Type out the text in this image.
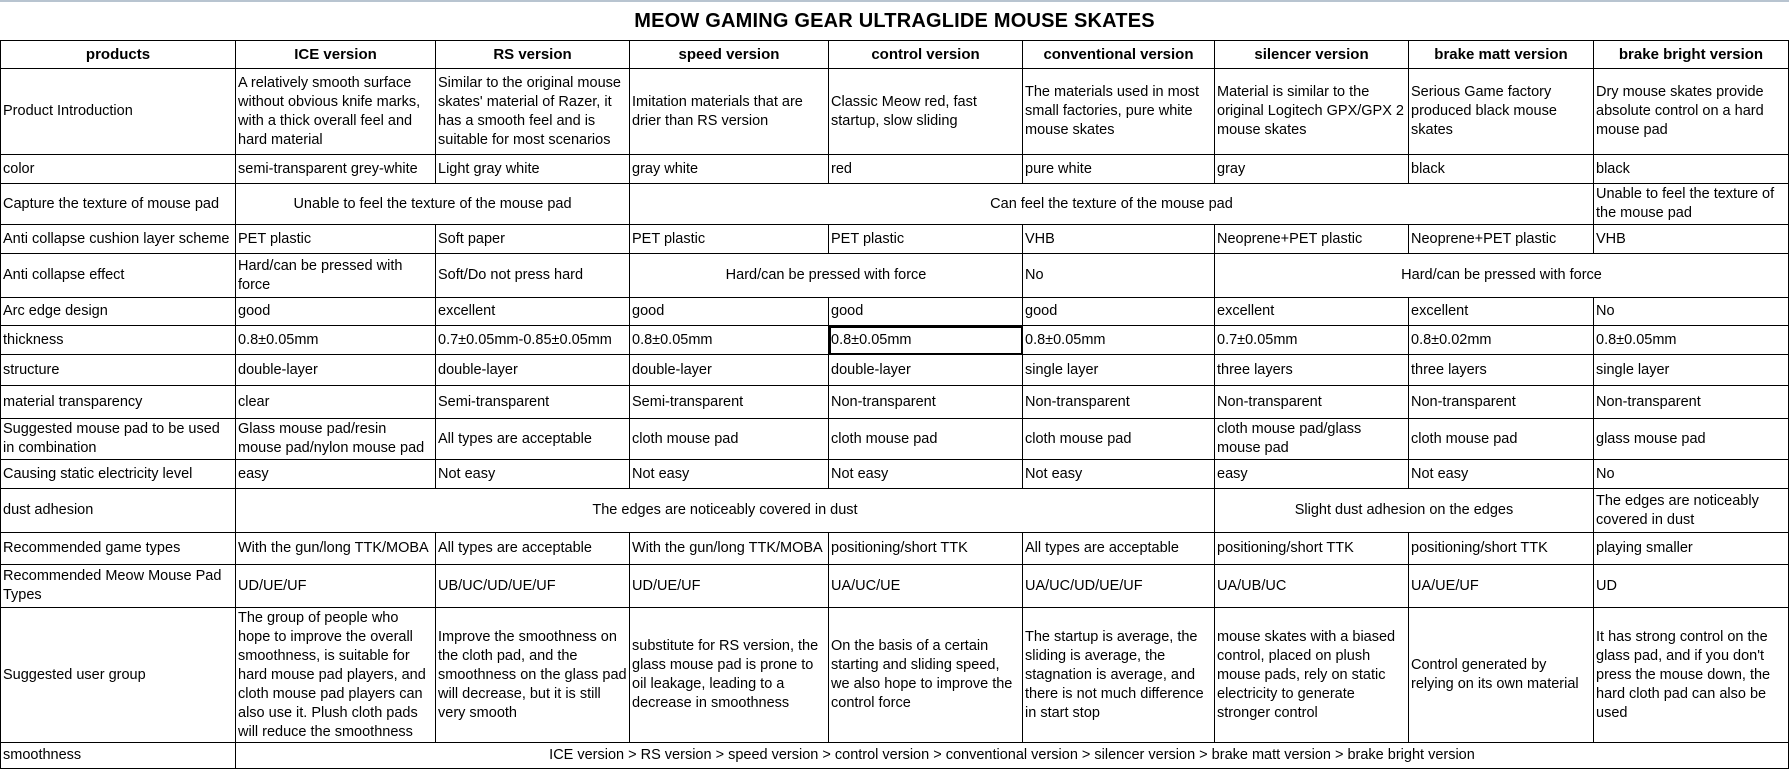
MEOW GAMING GEAR ULTRAGLIDE MOUSE SKATES
products	ICE version	RS version	speed version	control version	conventional version	silencer version	brake matt version	brake bright version
Product Introduction	A relatively smooth surface without obvious knife marks, with a thick overall feel and hard material	Similar to the original mouse skates' material of Razer, it has a smooth feel and is suitable for most scenarios	Imitation materials that are drier than RS version	Classic Meow red, fast startup, slow sliding	The materials used in most small factories, pure white mouse skates	Material is similar to the original Logitech GPX/GPX 2 mouse skates	Serious Game factory produced black mouse skates	Dry mouse skates provide absolute control on a hard mouse pad
color	semi-transparent grey-white	Light gray white	gray white	red	pure white	gray	black	black
Capture the texture of mouse pad	Unable to feel the texture of the mouse pad		Can feel the texture of the mouse pad					Unable to feel the texture of the mouse pad
Anti collapse cushion layer scheme	PET plastic	Soft paper	PET plastic	PET plastic	VHB	Neoprene+PET plastic	Neoprene+PET plastic	VHB
Anti collapse effect	Hard/can be pressed with force	Soft/Do not press hard	Hard/can be pressed with force		No	Hard/can be pressed with force		
Arc edge design	good	excellent	good	good	good	excellent	excellent	No
thickness	0.8±0.05mm	0.7±0.05mm-0.85±0.05mm	0.8±0.05mm	0.8±0.05mm	0.8±0.05mm	0.7±0.05mm	0.8±0.02mm	0.8±0.05mm
structure	double-layer	double-layer	double-layer	double-layer	single layer	three layers	three layers	single layer
material transparency	clear	Semi-transparent	Semi-transparent	Non-transparent	Non-transparent	Non-transparent	Non-transparent	Non-transparent
Suggested mouse pad to be used in combination	Glass mouse pad/resin mouse pad/nylon mouse pad	All types are acceptable	cloth mouse pad	cloth mouse pad	cloth mouse pad	cloth mouse pad/glass mouse pad	cloth mouse pad	glass mouse pad
Causing static electricity level	easy	Not easy	Not easy	Not easy	Not easy	easy	Not easy	No
dust adhesion	The edges are noticeably covered in dust					Slight dust adhesion on the edges		The edges are noticeably covered in dust
Recommended game types	With the gun/long TTK/MOBA	All types are acceptable	With the gun/long TTK/MOBA	positioning/short TTK	All types are acceptable	positioning/short TTK	positioning/short TTK	playing smaller
Recommended Meow Mouse Pad Types	UD/UE/UF	UB/UC/UD/UE/UF	UD/UE/UF	UA/UC/UE	UA/UC/UD/UE/UF	UA/UB/UC	UA/UE/UF	UD
Suggested user group	The group of people who hope to improve the overall smoothness, is suitable for hard mouse pad players, and cloth mouse pad players can also use it. Plush cloth pads will reduce the smoothness	Improve the smoothness on the cloth pad, and the smoothness on the glass pad will decrease, but it is still very smooth	substitute for RS version, the glass mouse pad is prone to oil leakage, leading to a decrease in smoothness	On the basis of a certain starting and sliding speed, we also hope to improve the control force	The startup is average, the sliding is average, the stagnation is average, and there is not much difference in start stop	mouse skates with a biased control, placed on plush mouse pads, rely on static electricity to generate stronger control	Control generated by relying on its own material	It has strong control on the glass pad, and if you don't press the mouse down, the hard cloth pad can also be used
smoothness	ICE version > RS version > speed version > control version > conventional version > silencer version > brake matt version > brake bright version							
